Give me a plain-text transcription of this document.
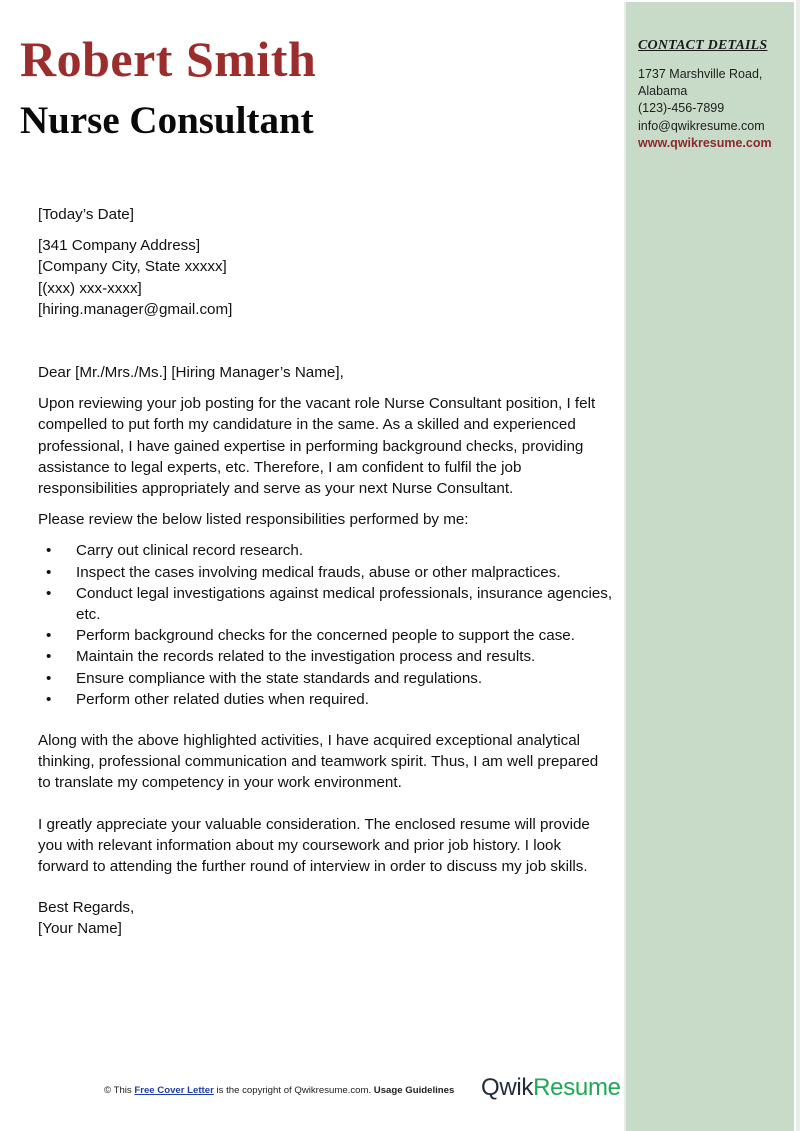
CONTACT DETAILS
1737 Marshville Road,
Alabama
(123)-456-7899
info@qwikresume.com
www.qwikresume.com
Robert Smith
Nurse Consultant

[Today’s Date]

[341 Company Address]

[Company City, State xxxxx]

[(xxx) xxx-xxxx]

[hiring.manager@gmail.com]

Dear [Mr./Mrs./Ms.] [Hiring Manager’s Name],

Upon reviewing your job posting for the vacant role Nurse Consultant position, I felt compelled to put forth my candidature in the same. As a skilled and experienced professional, I have gained expertise in performing background checks, providing assistance to legal experts, etc. Therefore, I am confident to fulfil the job responsibilities appropriately and serve as your next Nurse Consultant.

Please review the below listed responsibilities performed by me:

• Carry out clinical record research.
• Inspect the cases involving medical frauds, abuse or other malpractices.
• Conduct legal investigations against medical professionals, insurance agencies, etc.
• Perform background checks for the concerned people to support the case.
• Maintain the records related to the investigation process and results.
• Ensure compliance with the state standards and regulations.
• Perform other related duties when required.

Along with the above highlighted activities, I have acquired exceptional analytical thinking, professional communication and teamwork spirit. Thus, I am well prepared to translate my competency in your work environment.

I greatly appreciate your valuable consideration. The enclosed resume will provide you with relevant information about my coursework and prior job history. I look forward to attending the further round of interview in order to discuss my job skills.

Best Regards,

[Your Name]

© This Free Cover Letter is the copyright of Qwikresume.com. Usage Guidelines QwikResume
